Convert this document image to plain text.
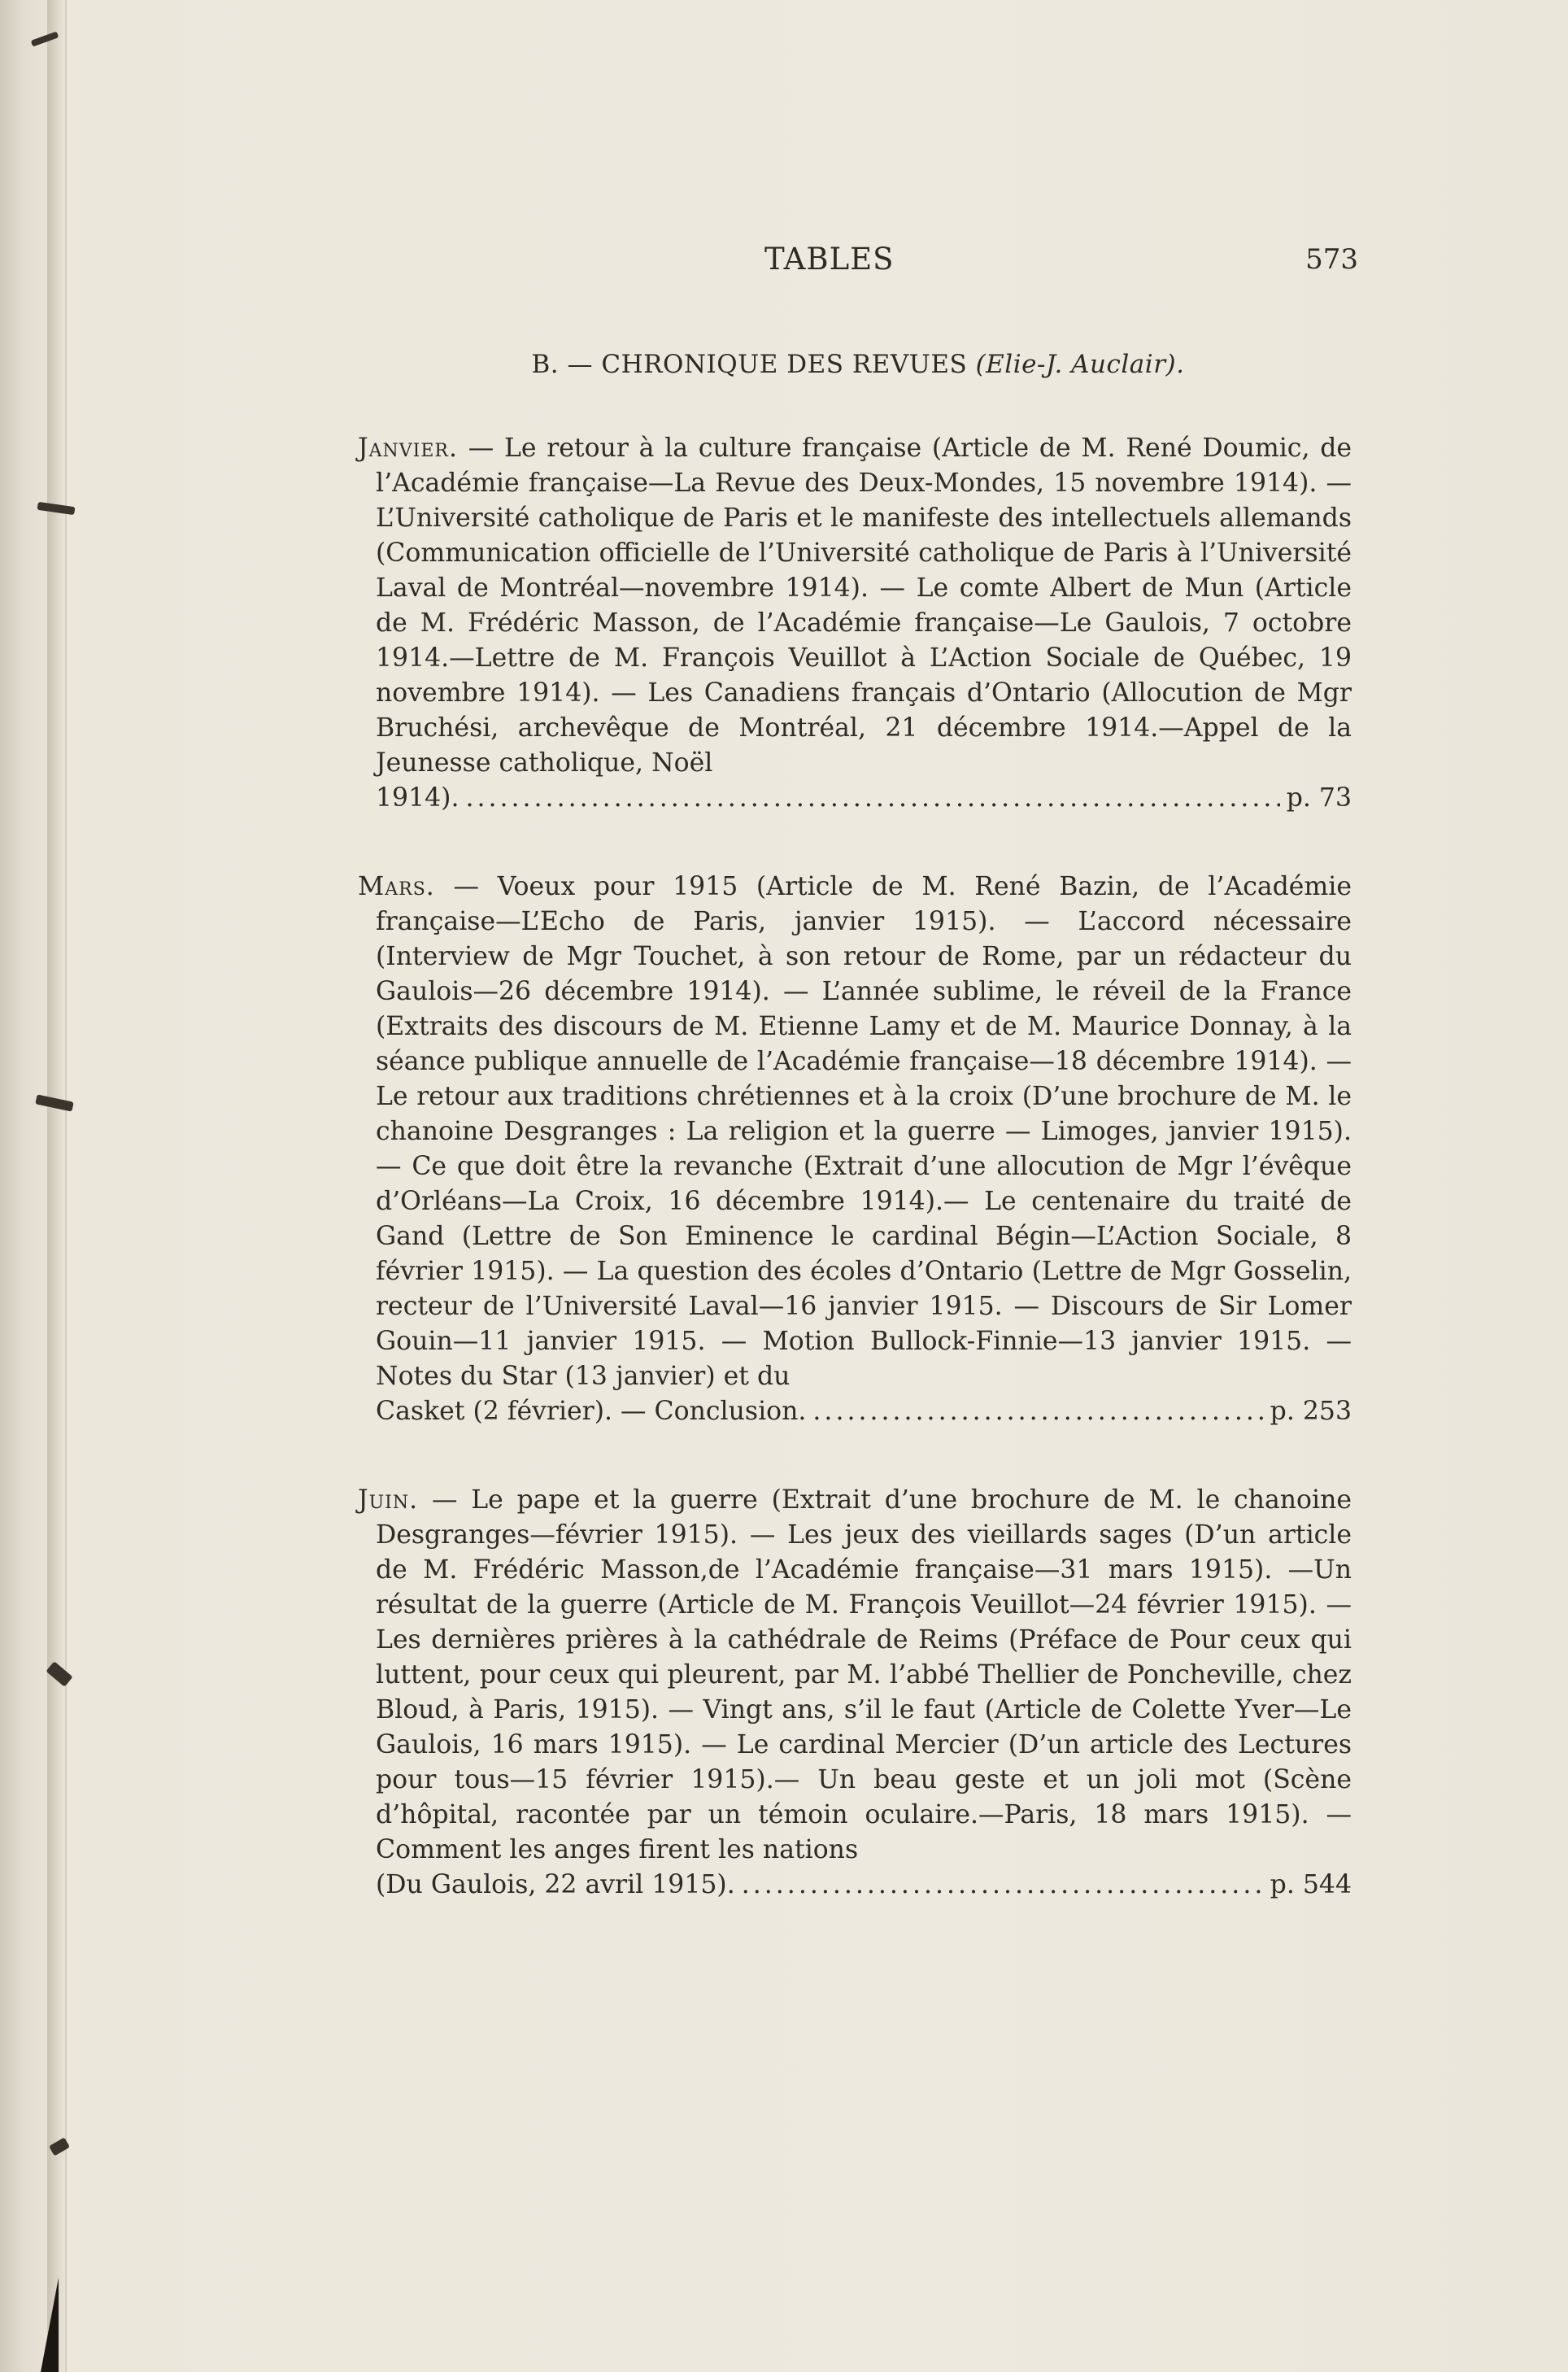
TABLES	573
B. — CHRONIQUE DES REVUES (Elie-J. Auclair).
Janvier. — Le retour à la culture française (Article de M. René Doumic, de l’Académie française—La Revue des Deux-Mondes, 15 novembre 1914). — L’Université catholique de Paris et le manifeste des intellectuels allemands (Communication officielle de l’Université catholique de Paris à l’Université Laval de Montréal—novembre 1914). — Le comte Albert de Mun (Article de M. Frédéric Masson, de l’Académie française—Le Gaulois, 7 octobre 1914.—Lettre de M. François Veuillot à L’Action Sociale de Québec, 19 novembre 1914). — Les Canadiens français d’Ontario (Allocution de Mgr Bruchési, archevêque de Montréal, 21 décembre 1914.—Appel de la Jeunesse catholique, Noël
1914). .....	p. 73
Mars. — Voeux pour 1915 (Article de M. René Bazin, de l’Académie française—L’Echo de Paris, janvier 1915). — L’accord nécessaire (Interview de Mgr Touchet, à son retour de Rome, par un rédacteur du Gaulois—26 décembre 1914). — L’année sublime, le réveil de la France (Extraits des discours de M. Etienne Lamy et de M. Maurice Donnay, à la séance publique annuelle de l’Académie française—18 décembre 1914). — Le retour aux traditions chrétiennes et à la croix (D’une brochure de M. le chanoine Desgranges : La religion et la guerre — Limoges, janvier 1915). — Ce que doit être la revanche (Extrait d’une allocution de Mgr l’évêque d’Orléans—La Croix, 16 décembre 1914).— Le centenaire du traité de Gand (Lettre de Son Eminence le cardinal Bégin—L’Action Sociale, 8 février 1915). — La question des écoles d’Ontario (Lettre de Mgr Gosselin, recteur de l’Université Laval—16 janvier 1915. — Discours de Sir Lomer Gouin—11 janvier 1915. — Motion Bullock-Finnie—13 janvier 1915. — Notes du Star (13 janvier) et du
Casket (2 février). — Conclusion. .....	p. 253
Juin. — Le pape et la guerre (Extrait d’une brochure de M. le chanoine Desgranges—février 1915). — Les jeux des vieillards sages (D’un article de M. Frédéric Masson,de l’Académie française—31 mars 1915). —Un résultat de la guerre (Article de M. François Veuillot—24 février 1915). — Les dernières prières à la cathédrale de Reims (Préface de Pour ceux qui luttent, pour ceux qui pleurent, par M. l’abbé Thellier de Poncheville, chez Bloud, à Paris, 1915). — Vingt ans, s’il le faut (Article de Colette Yver—Le Gaulois, 16 mars 1915). — Le cardinal Mercier (D’un article des Lectures pour tous—15 février 1915).— Un beau geste et un joli mot (Scène d’hôpital, racontée par un témoin oculaire.—Paris, 18 mars 1915). — Comment les anges firent les nations
(Du Gaulois, 22 avril 1915). .....	p. 544
